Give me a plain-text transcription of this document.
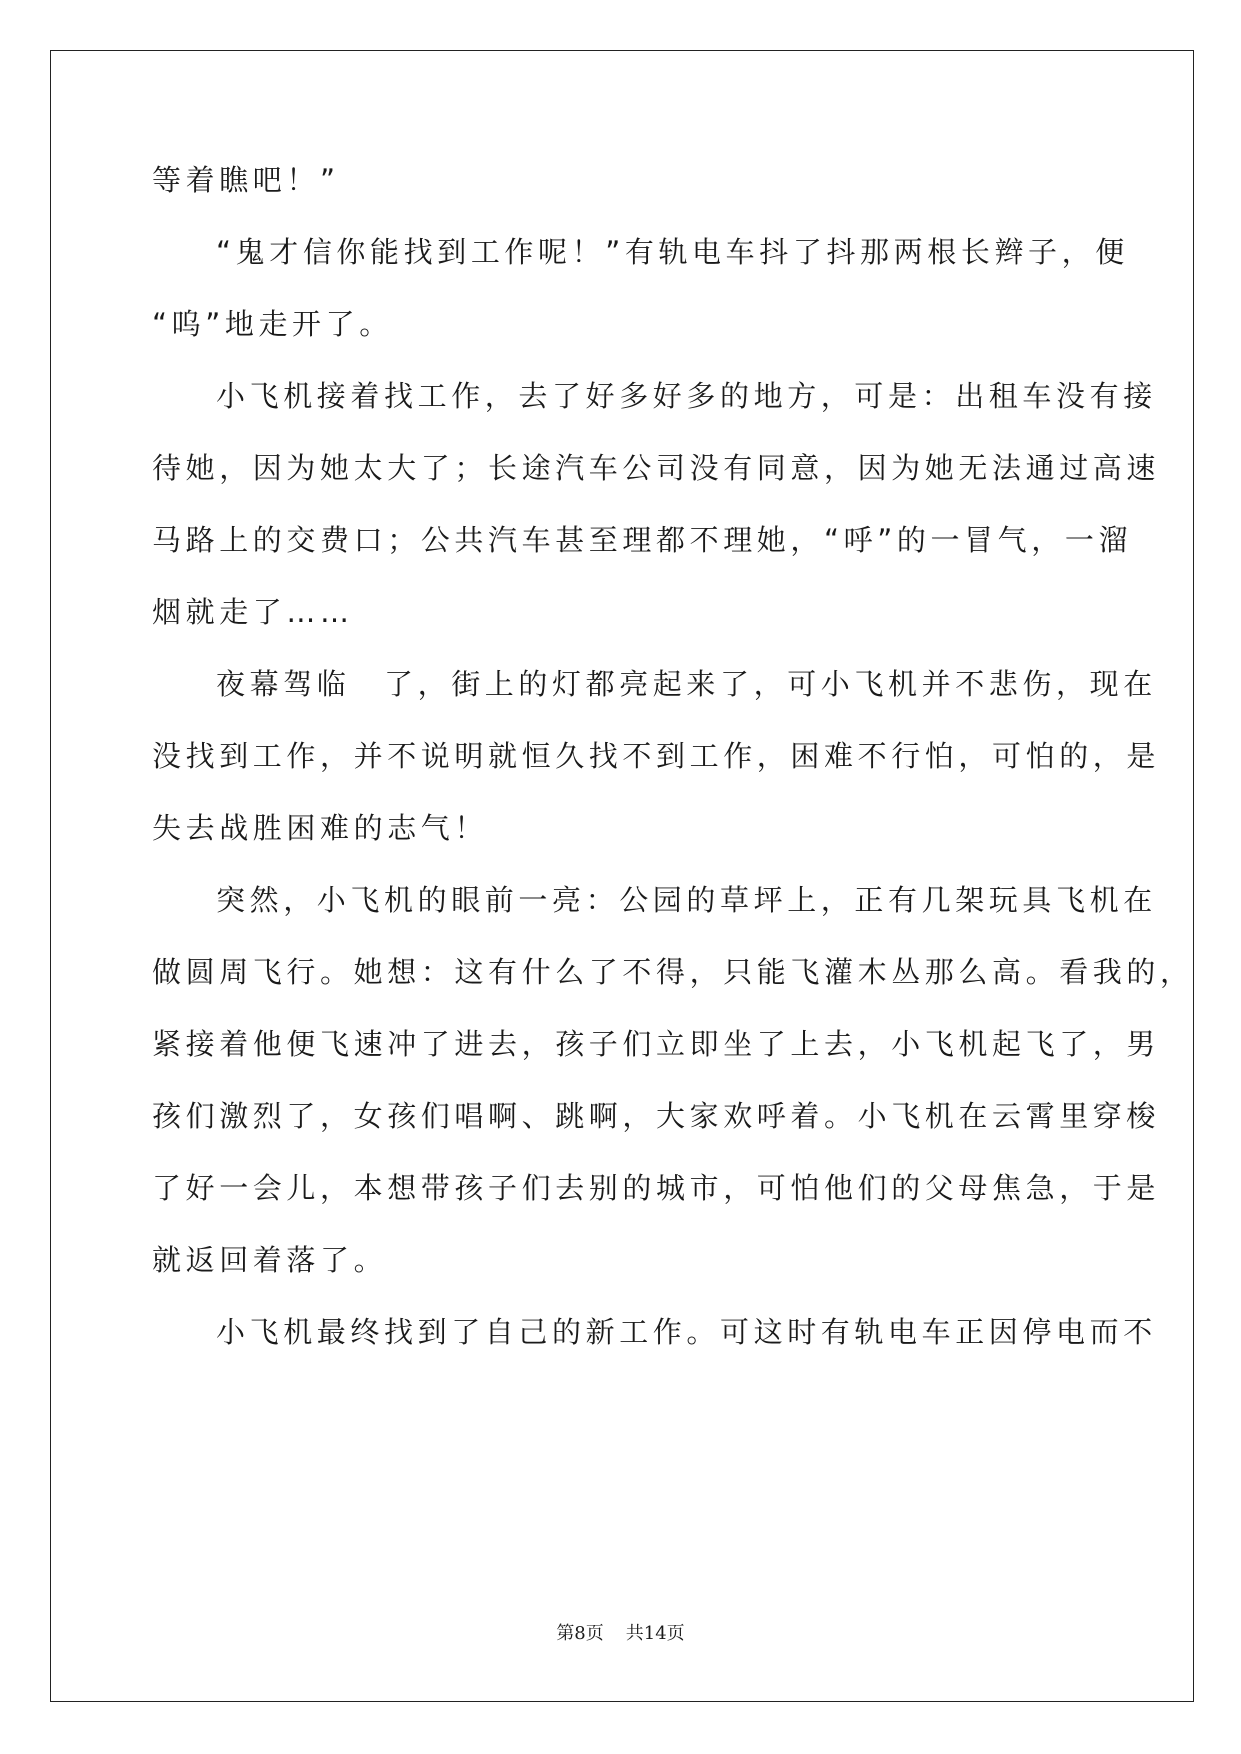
等着瞧吧！”
“鬼才信你能找到工作呢！”有轨电车抖了抖那两根长辫子，便
“呜”地走开了。
小飞机接着找工作，去了好多好多的地方，可是：出租车没有接
待她，因为她太大了；长途汽车公司没有同意，因为她无法通过高速
马路上的交费口；公共汽车甚至理都不理她，“呼”的一冒气，一溜
烟就走了……
夜幕驾临　了，街上的灯都亮起来了，可小飞机并不悲伤，现在
没找到工作，并不说明就恒久找不到工作，困难不行怕，可怕的，是
失去战胜困难的志气！
突然，小飞机的眼前一亮：公园的草坪上，正有几架玩具飞机在
做圆周飞行。她想：这有什么了不得，只能飞灌木丛那么高。看我的，
紧接着他便飞速冲了进去，孩子们立即坐了上去，小飞机起飞了，男
孩们激烈了，女孩们唱啊、跳啊，大家欢呼着。小飞机在云霄里穿梭
了好一会儿，本想带孩子们去别的城市，可怕他们的父母焦急，于是
就返回着落了。
小飞机最终找到了自己的新工作。可这时有轨电车正因停电而不
第8页 共14页
